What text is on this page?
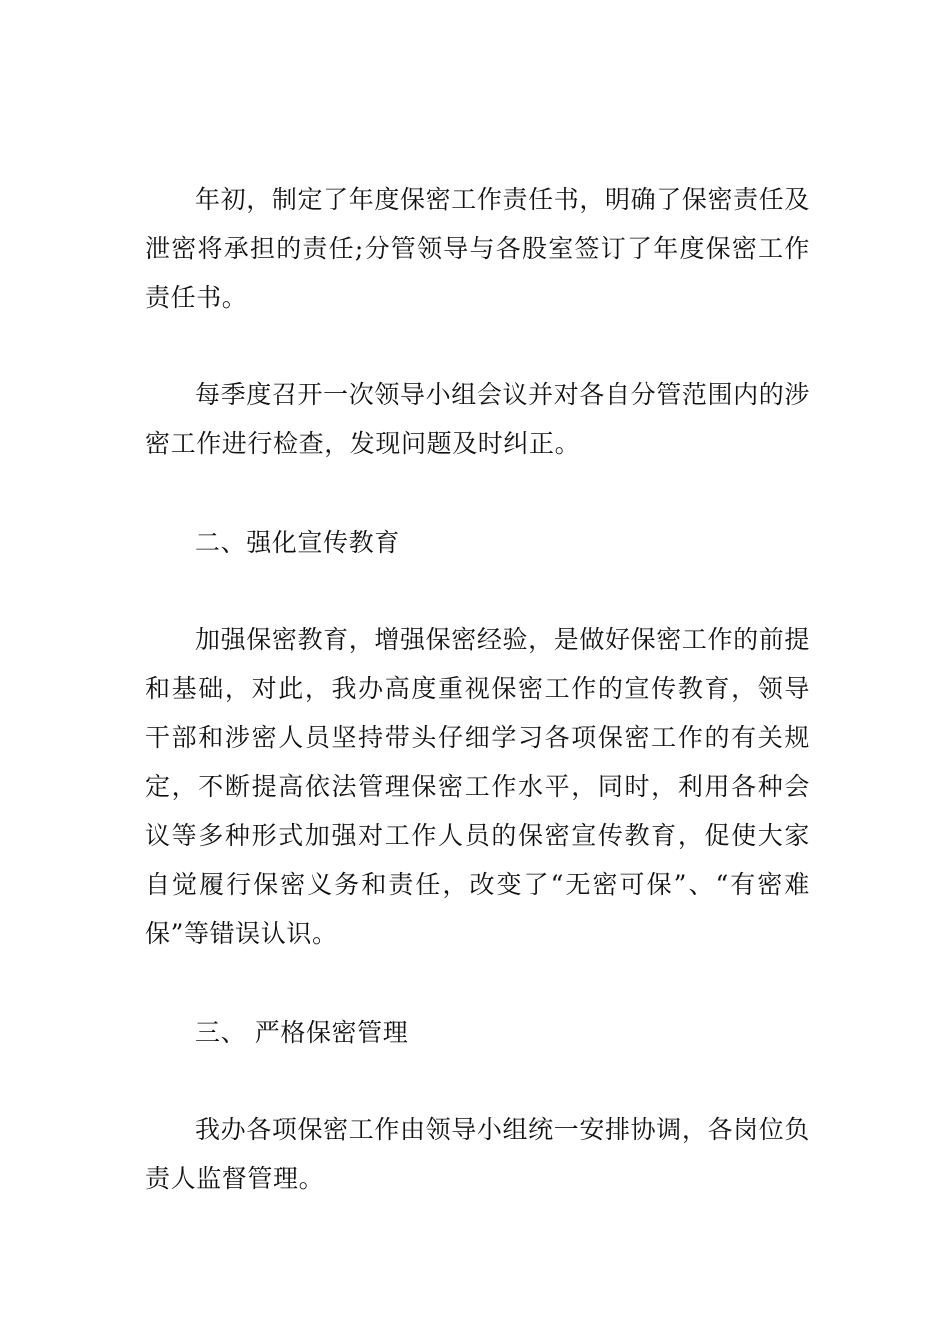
年初，制定了年度保密工作责任书，明确了保密责任及泄密将承担的责任;分管领导与各股室签订了年度保密工作责任书。

每季度召开一次领导小组会议并对各自分管范围内的涉密工作进行检查，发现问题及时纠正。

二、强化宣传教育

加强保密教育，增强保密经验，是做好保密工作的前提和基础，对此，我办高度重视保密工作的宣传教育，领导干部和涉密人员坚持带头仔细学习各项保密工作的有关规定，不断提高依法管理保密工作水平，同时，利用各种会议等多种形式加强对工作人员的保密宣传教育，促使大家自觉履行保密义务和责任，改变了“无密可保”、“有密难保”等错误认识。

三、 严格保密管理

我办各项保密工作由领导小组统一安排协调，各岗位负责人监督管理。
